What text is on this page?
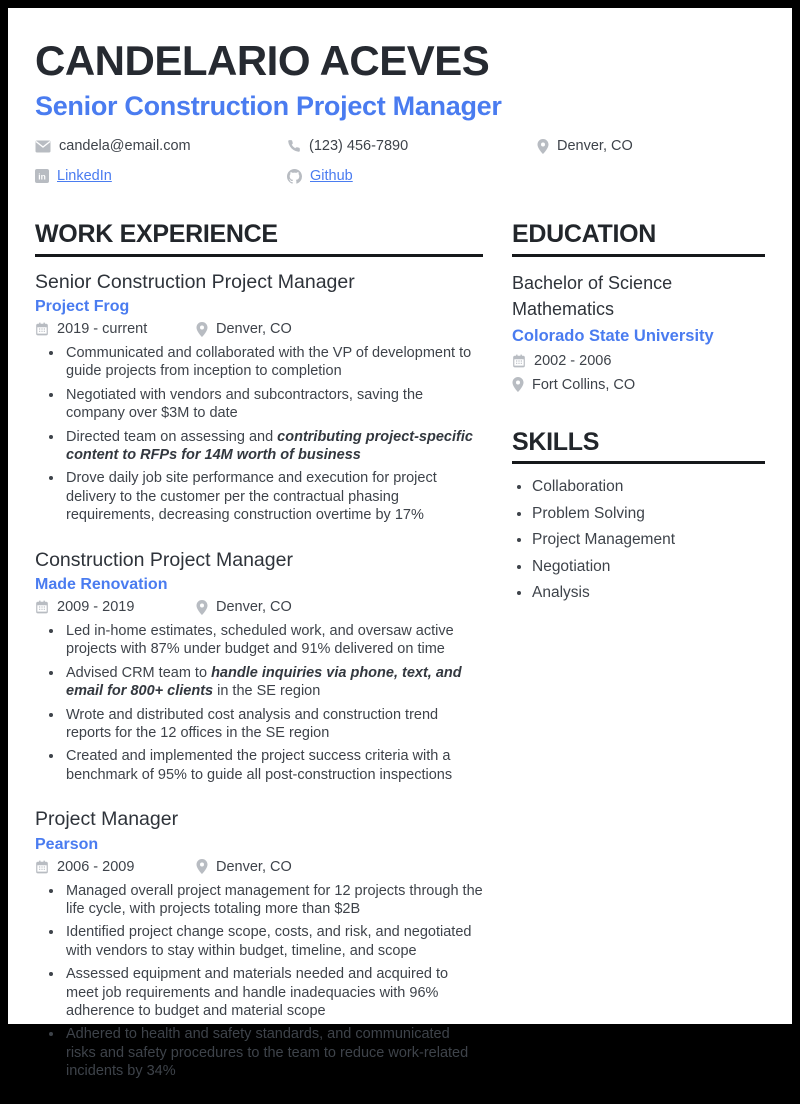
CANDELARIO ACEVES
Senior Construction Project Manager
candela@email.com	(123) 456-7890	Denver, CO
in LinkedIn	Github
WORK EXPERIENCE
Senior Construction Project Manager
Project Frog
2019 - current	Denver, CO
• Communicated and collaborated with the VP of development to guide projects from inception to completion
• Negotiated with vendors and subcontractors, saving the company over $3M to date
• Directed team on assessing and contributing project-specific content to RFPs for 14M worth of business
• Drove daily job site performance and execution for project delivery to the customer per the contractual phasing requirements, decreasing construction overtime by 17%
Construction Project Manager
Made Renovation
2009 - 2019	Denver, CO
• Led in-home estimates, scheduled work, and oversaw active projects with 87% under budget and 91% delivered on time
• Advised CRM team to handle inquiries via phone, text, and email for 800+ clients in the SE region
• Wrote and distributed cost analysis and construction trend reports for the 12 offices in the SE region
• Created and implemented the project success criteria with a benchmark of 95% to guide all post-construction inspections
Project Manager
Pearson
2006 - 2009	Denver, CO
• Managed overall project management for 12 projects through the life cycle, with projects totaling more than $2B
• Identified project change scope, costs, and risk, and negotiated with vendors to stay within budget, timeline, and scope
• Assessed equipment and materials needed and acquired to meet job requirements and handle inadequacies with 96% adherence to budget and material scope
• Adhered to health and safety standards, and communicated risks and safety procedures to the team to reduce work-related incidents by 34%
EDUCATION
Bachelor of Science
Mathematics
Colorado State University
2002 - 2006
Fort Collins, CO
SKILLS
• Collaboration
• Problem Solving
• Project Management
• Negotiation
• Analysis
